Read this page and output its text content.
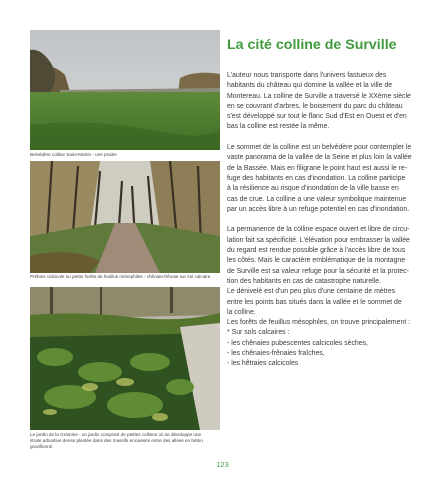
Belvédère colline Saint-Martin - une prairie
Prébois calcicole ou petite forêts de feuillus mésophiles - chênaie-frênaie sur sol calcaire
Le jardin de la Gramine - un jardin composé de petites collines où se développe une
strate arbustive dense plantée dans des massifs encaissés entre des allées en béton
gravillonné.
La cité colline de Surville

L'auteur nous transporte dans l'univers fastueux des
habitants du château qui domine la vallée et la ville de
Montereau. La colline de Surville a traversé le XXème siècle
en se couvrant d'arbres, le boisement du parc du château
s'est développé sur tout le flanc Sud d'Est en Ouest et d'en
bas la colline est restée la même.

Le sommet de la colline est un belvédère pour contempler le
vaste panorama de la vallée de la Seine et plus loin la vallée
de la Bassée. Mais en filigrane le point haut est aussi le re-
fuge des habitants en cas d'inondation. La colline participe
à la résilience au risque d'inondation de la ville basse en
cas de crue. La colline a une valeur symbolique maintenue
par un accès libre à un refuge potentiel en cas d'inondation.

La permanence de la colline espace ouvert et libre de circu-
lation fait sa spécificité. L'élévation pour embrasser la vallée
du regard est rendue possible grâce à l'accès libre de tous
les côtés. Mais le caractère emblématique de la montagne
de Surville est sa valeur refuge pour la sécurité et la protec-
tion des habitants en cas de catastrophe naturelle.
Le dénivelé est d'un peu plus d'une centaine de mètres
entre les points bas situés dans la vallée et le sommet de
la colline.
Les forêts de feuillus mésophiles, on trouve principalement :
* Sur sols calcaires :
- les chênaies pubescentes calcicoles sèches,
- les chênaies-frênaies fraîches,
- les hêtraies calcicoles

123
